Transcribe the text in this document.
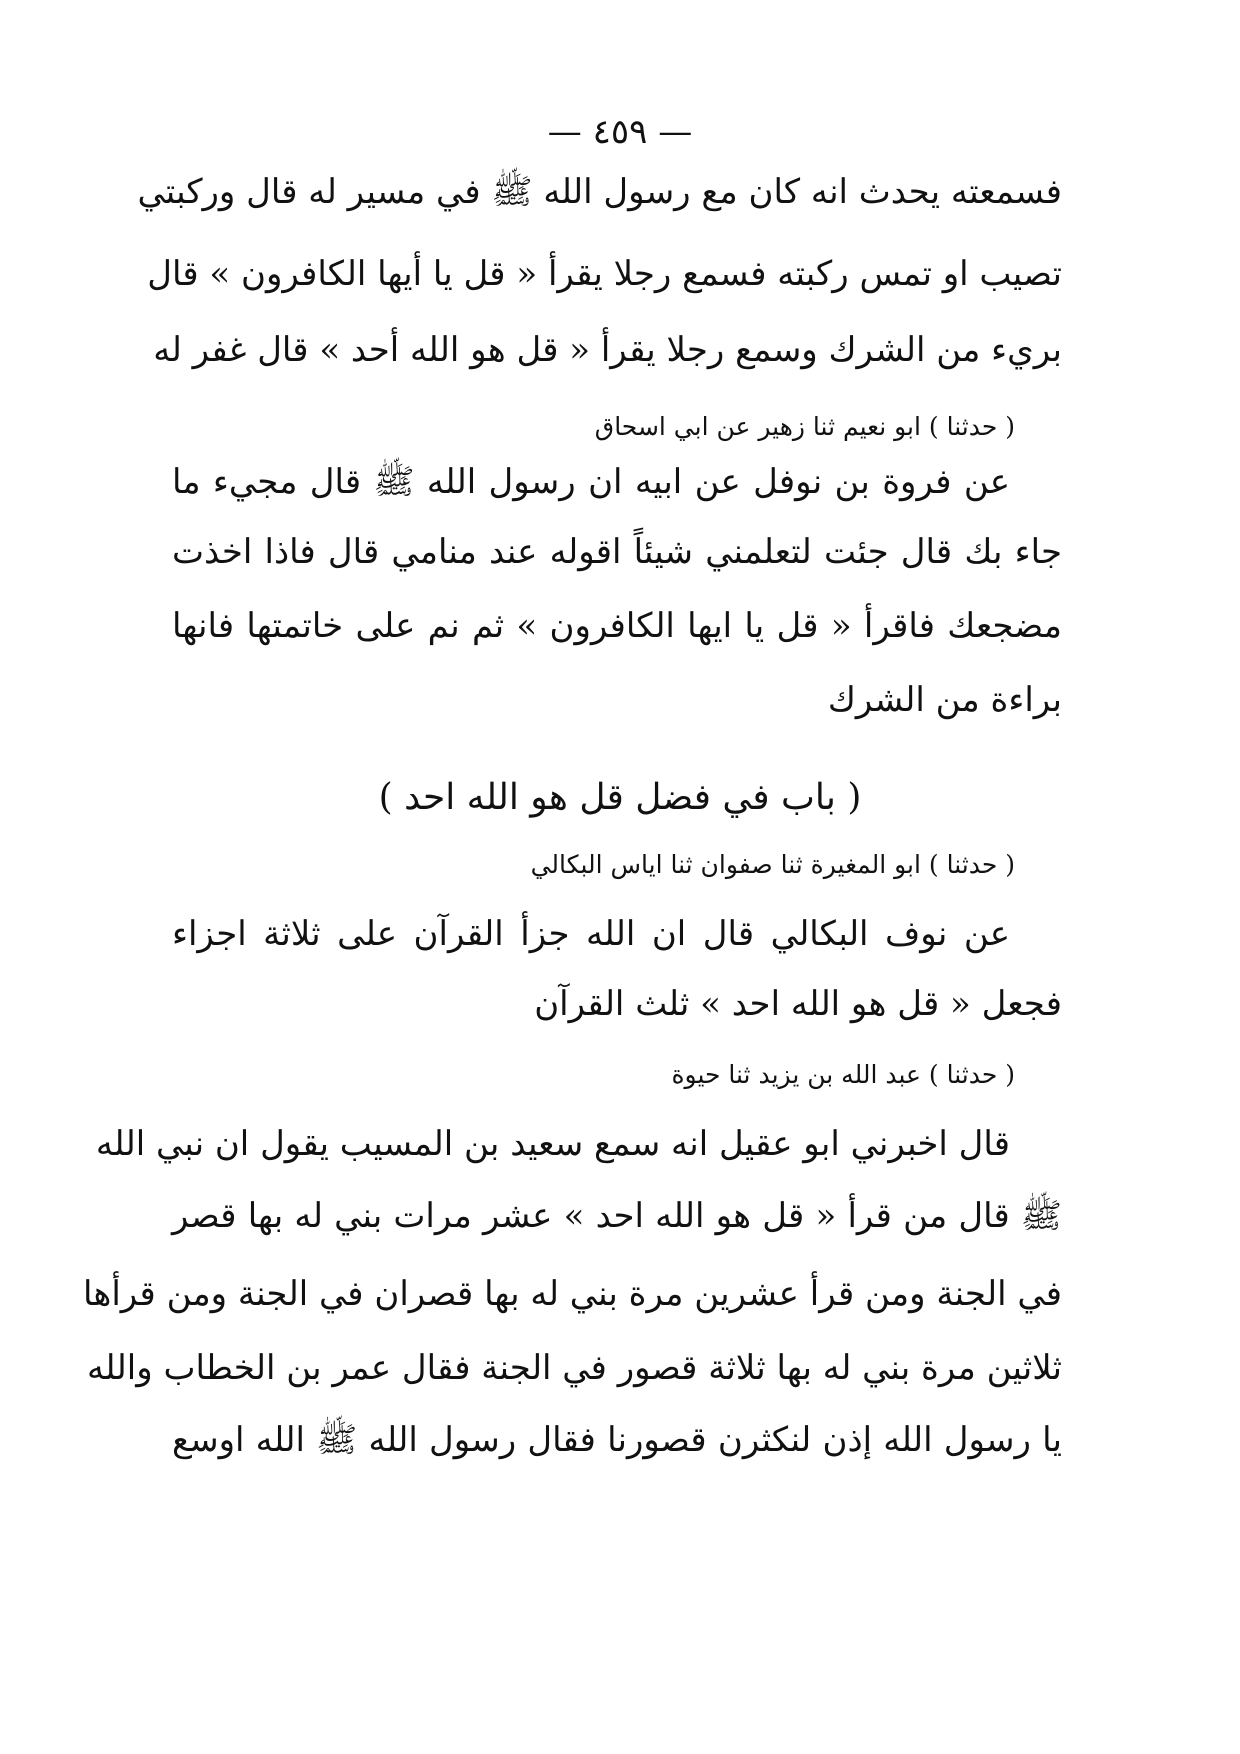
— ٤٥٩ —
فسمعته يحدث انه كان مع رسول الله ﷺ في مسير له قال وركبتي
تصيب او تمس ركبته فسمع رجلا يقرأ « قل يا أيها الكافرون » قال
بريء من الشرك وسمع رجلا يقرأ « قل هو الله أحد » قال غفر له
( حدثنا ) ابو نعيم ثنا زهير عن ابي اسحاق
عن فروة بن نوفل عن ابيه ان رسول الله ﷺ قال مجيء ما
جاء بك قال جئت لتعلمني شيئاً اقوله عند منامي قال فاذا اخذت
مضجعك فاقرأ « قل يا ايها الكافرون » ثم نم على خاتمتها فانها
براءة من الشرك
( باب في فضل قل هو الله احد )
( حدثنا ) ابو المغيرة ثنا صفوان ثنا اياس البكالي
عن نوف البكالي قال ان الله جزأ القرآن على ثلاثة اجزاء
فجعل « قل هو الله احد » ثلث القرآن
( حدثنا ) عبد الله بن يزيد ثنا حيوة
قال اخبرني ابو عقيل انه سمع سعيد بن المسيب يقول ان نبي الله
ﷺ قال من قرأ « قل هو الله احد » عشر مرات بني له بها قصر
في الجنة ومن قرأ عشرين مرة بني له بها قصران في الجنة ومن قرأها
ثلاثين مرة بني له بها ثلاثة قصور في الجنة فقال عمر بن الخطاب والله
يا رسول الله إذن لنكثرن قصورنا فقال رسول الله ﷺ الله اوسع
